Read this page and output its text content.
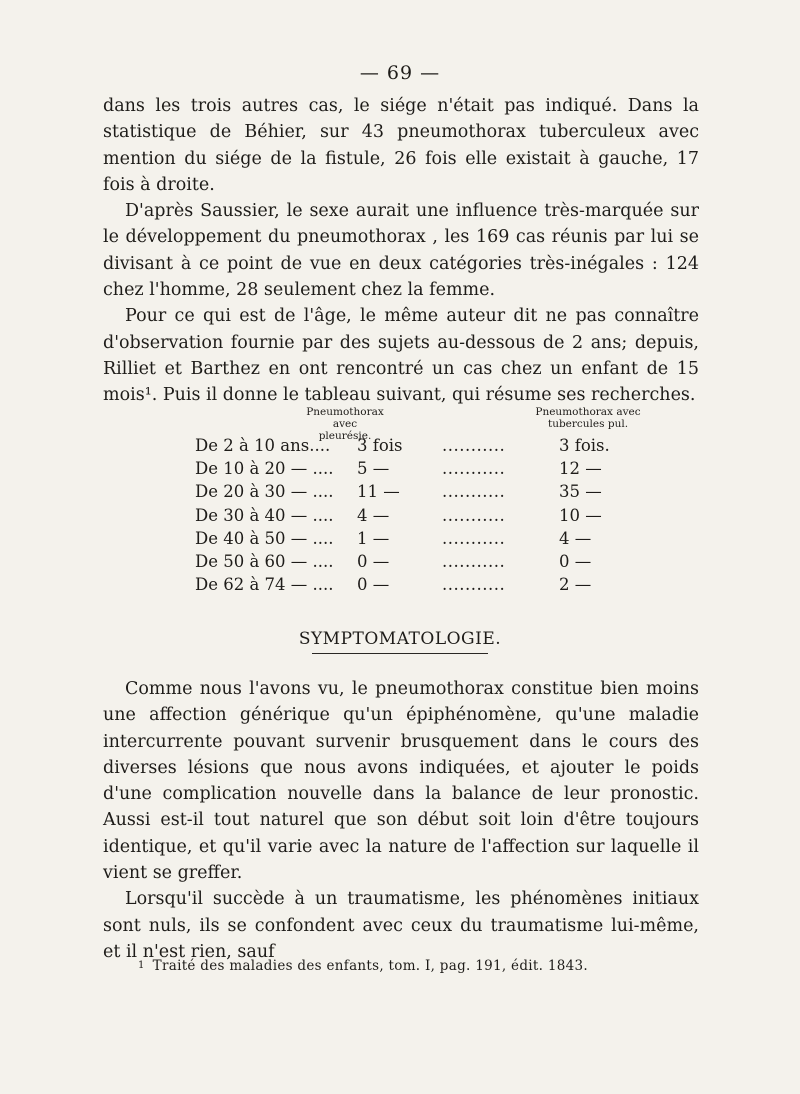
— 69 —

dans les trois autres cas, le siége n'était pas indiqué. Dans la statistique de Béhier, sur 43 pneumothorax tuberculeux avec mention du siége de la fistule, 26 fois elle existait à gauche, 17 fois à droite.

D'après Saussier, le sexe aurait une influence très-marquée sur le développement du pneumothorax , les 169 cas réunis par lui se divisant à ce point de vue en deux catégories très-inégales : 124 chez l'homme, 28 seulement chez la femme.

Pour ce qui est de l'âge, le même auteur dit ne pas connaître d'observation fournie par des sujets au-dessous de 2 ans; depuis, Rilliet et Barthez en ont rencontré un cas chez un enfant de 15 mois¹. Puis il donne le tableau suivant, qui résume ses recherches.

Pneumothorax avec pleurésie.
Pneumothorax avec tubercules pul.
De 2 à 10 ans.... 3 fois ...........	3 fois.
De 10 à 20 — .... 5 —	...........	12 —
De 20 à 30 — .... 11 —	...........	35 —
De 30 à 40 — .... 4 —	...........	10 —
De 40 à 50 — .... 1 —	...........	4 —
De 50 à 60 — .... 0 —	...........	0 —
De 62 à 74 — .... 0 —	...........	2 —
SYMPTOMATOLOGIE.

Comme nous l'avons vu, le pneumothorax constitue bien moins une affection générique qu'un épiphénomène, qu'une maladie intercurrente pouvant survenir brusquement dans le cours des diverses lésions que nous avons indiquées, et ajouter le poids d'une complication nouvelle dans la balance de leur pronostic. Aussi est-il tout naturel que son début soit loin d'être toujours identique, et qu'il varie avec la nature de l'affection sur laquelle il vient se greffer.

Lorsqu'il succède à un traumatisme, les phénomènes initiaux sont nuls, ils se confondent avec ceux du traumatisme lui-même, et il n'est rien, sauf

$^1$ Traité des maladies des enfants, tom. I, pag. 191, édit. 1843.
